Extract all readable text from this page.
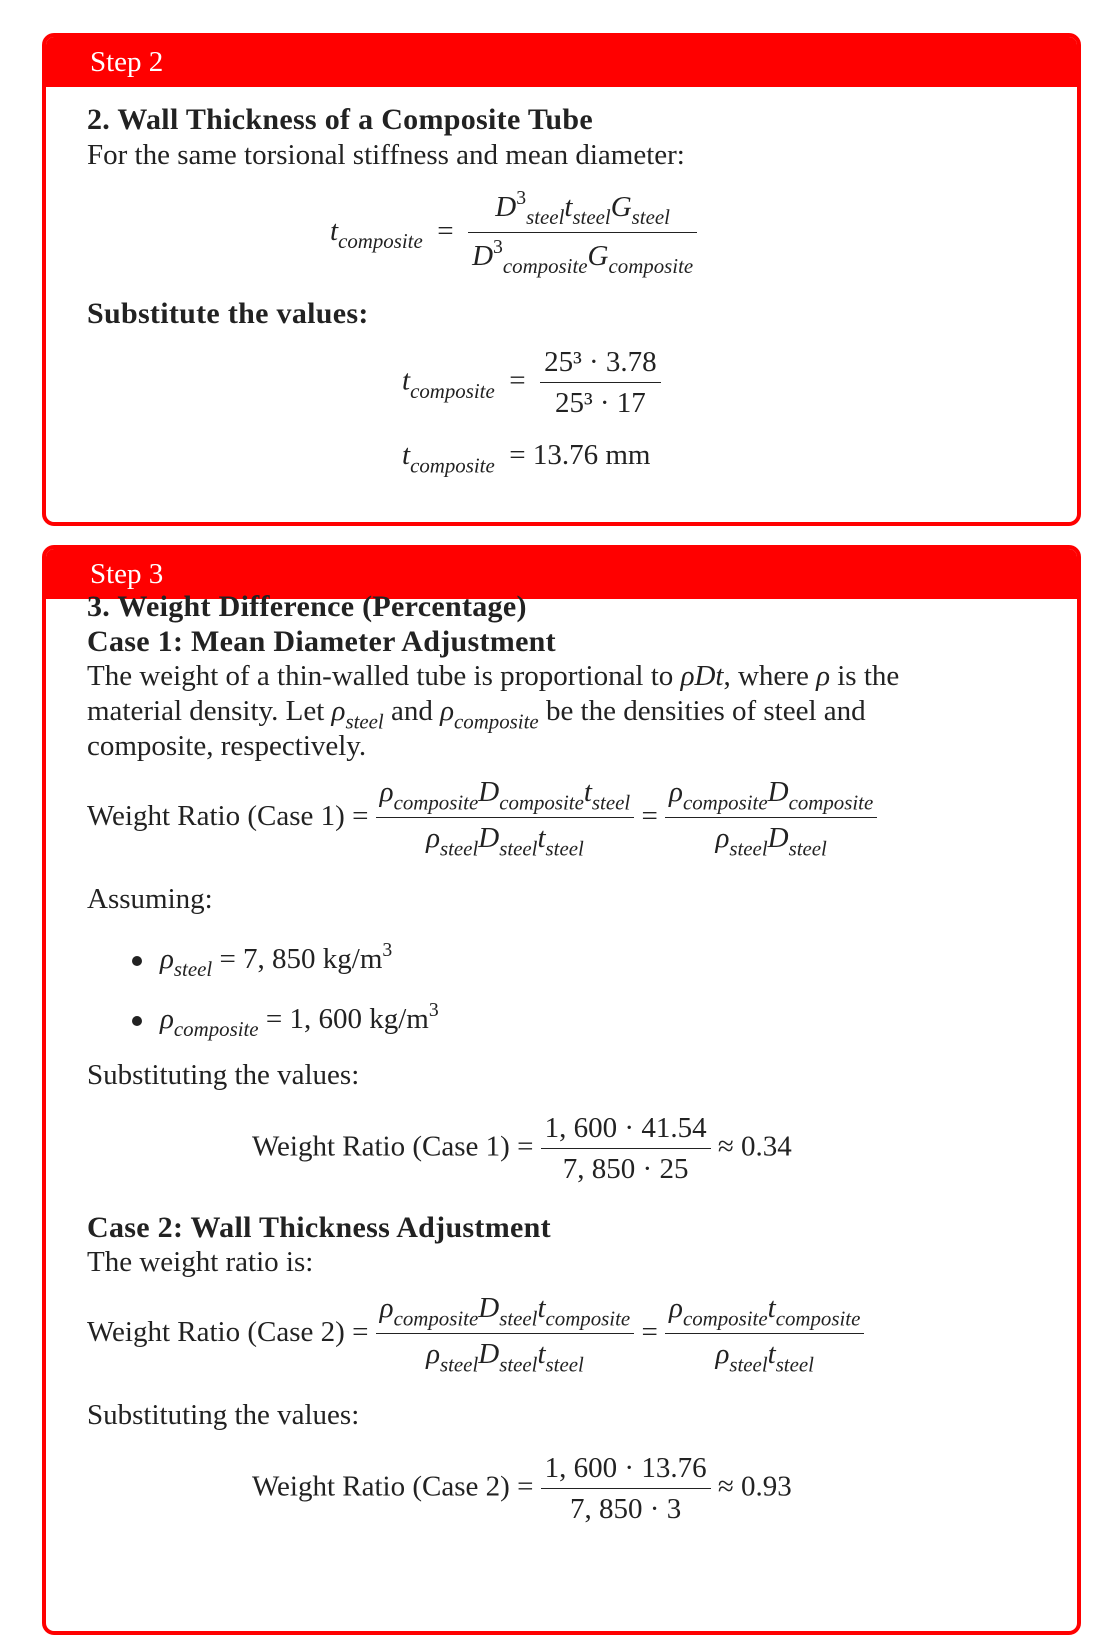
Step 2
2. Wall Thickness of a Composite Tube
For the same torsional stiffness and mean diameter:
$t_{composite} = \frac{D^3_{steel}t_{steel}G_{steel}}{D^3_{composite}G_{composite}}$
Substitute the values:
$t_{composite} = \frac{\text{25³ · 3.78}}{\text{25³ · 17}}$
$t_{composite} = 13.76$ mm
Step 3
3. Weight Difference (Percentage)
Case 1: Mean Diameter Adjustment
The weight of a thin-walled tube is proportional to ρDt, where ρ is the
material density. Let $\rho_{steel}$ and $\rho_{composite}$ be the densities of steel and
composite, respectively.
Weight Ratio (Case $1) = \frac{\rho_{composite}D_{composite}t_{steel}}{\rho_{steel}D_{steel}t_{steel}} = \frac{\rho_{composite}D_{composite}}{\rho_{steel}D_{steel}}$
Assuming:
$\rho_{steel} = 7$, 850 $kg/m^3$
$\rho_{composite} = 1$, 600 $kg/m^3$
Substituting the values:
Weight Ratio (Case $1) = \frac{1, 600 \cdot 41.54}{7, 850 \cdot 25} \approx 0.34$
Case 2: Wall Thickness Adjustment
The weight ratio is:
Weight Ratio (Case $2) = \frac{\rho_{composite}D_{steel}t_{composite}}{\rho_{steel}D_{steel}t_{steel}} = \frac{\rho_{composite}t_{composite}}{\rho_{steel}t_{steel}}$
Substituting the values:
Weight Ratio (Case $2) = \frac{1, 600 \cdot 13.76}{7, 850 \cdot 3} \approx 0.93$
